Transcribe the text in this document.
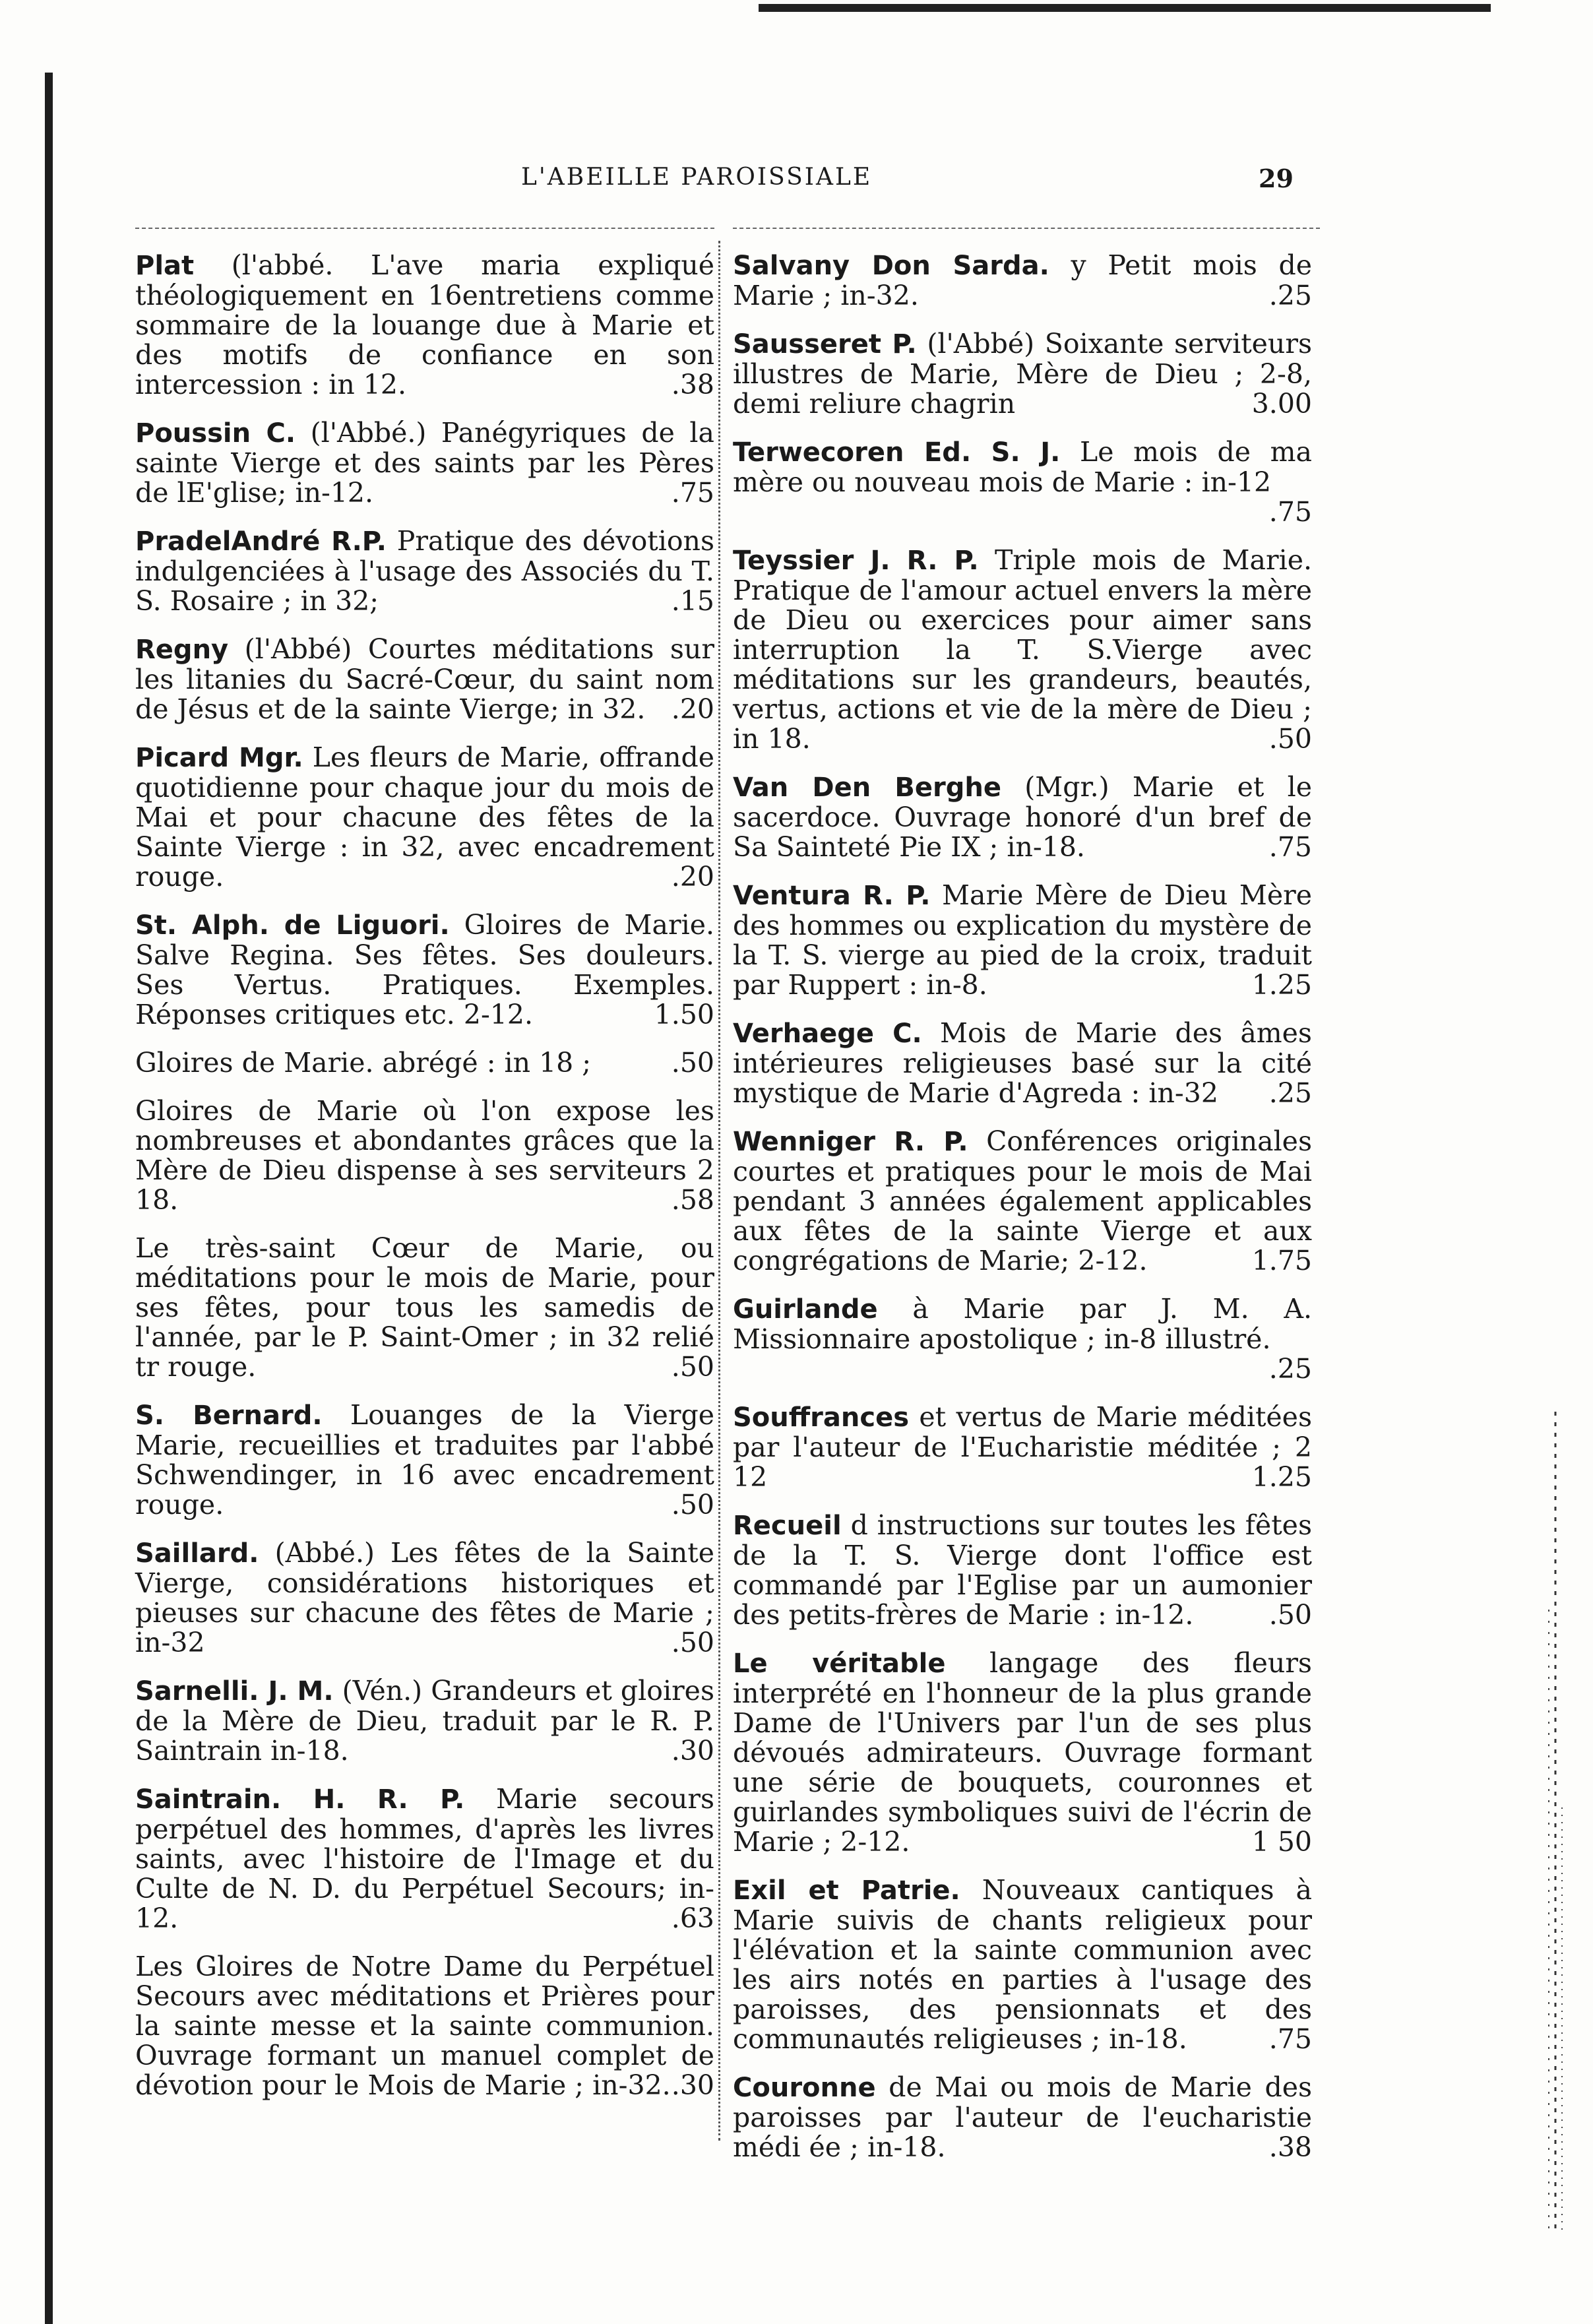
L'ABEILLE PAROISSIALE	29
Plat (l'abbé. L'ave maria expliqué théologiquement en 16entretiens comme sommaire de la louange due à Marie et des motifs de confiance en son intercession : in 12.	.38
Poussin C. (l'Abbé.) Panégyriques de la sainte Vierge et des saints par les Pères de lE'glise; in-12.	.75
PradelAndré R.P. Pratique des dévotions indulgenciées à l'usage des Associés du T. S. Rosaire ; in 32;	.15
Regny (l'Abbé) Courtes méditations sur les litanies du Sacré-Cœur, du saint nom de Jésus et de la sainte Vierge; in 32. .20
Picard Mgr. Les fleurs de Marie, offrande quotidienne pour chaque jour du mois de Mai et pour chacune des fêtes de la Sainte Vierge : in 32, avec encadrement rouge.	.20
St. Alph. de Liguori. Gloires de Marie. Salve Regina. Ses fêtes. Ses douleurs. Ses Vertus. Pratiques. Exemples. Réponses critiques etc. 2-12.	1.50
Gloires de Marie. abrégé : in 18 ;	.50
Gloires de Marie où l'on expose les nombreuses et abondantes grâces que la Mère de Dieu dispense à ses serviteurs 2 18.	.58
Le très-saint Cœur de Marie, ou méditations pour le mois de Marie, pour ses fêtes, pour tous les samedis de l'année, par le P. Saint-Omer ; in 32 relié tr rouge.	.50
S. Bernard. Louanges de la Vierge Marie, recueillies et traduites par l'abbé Schwendinger, in 16 avec encadrement rouge.	.50
Saillard. (Abbé.) Les fêtes de la Sainte Vierge, considérations historiques et pieuses sur chacune des fêtes de Marie ; in-32	.50
Sarnelli. J. M. (Vén.) Grandeurs et gloires de la Mère de Dieu, traduit par le R. P. Saintrain in-18.	.30
Saintrain. H. R. P. Marie secours perpétuel des hommes, d'après les livres saints, avec l'histoire de l'Image et du Culte de N. D. du Perpétuel Secours; in-12.	.63
Les Gloires de Notre Dame du Perpétuel Secours avec méditations et Prières pour la sainte messe et la sainte communion. Ouvrage formant un manuel complet de dévotion pour le Mois de Marie ; in-32. .30
Salvany Don Sarda. y Petit mois de Marie ; in-32.	.25
Sausseret P. (l'Abbé) Soixante serviteurs illustres de Marie, Mère de Dieu ; 2-8, demi reliure chagrin	3.00
Terwecoren Ed. S. J. Le mois de ma mère ou nouveau mois de Marie : in-12
.75
Teyssier J. R. P. Triple mois de Marie. Pratique de l'amour actuel envers la mère de Dieu ou exercices pour aimer sans interruption la T. S.Vierge avec méditations sur les grandeurs, beautés, vertus, actions et vie de la mère de Dieu ; in 18.	.50
Van Den Berghe (Mgr.) Marie et le sacerdoce. Ouvrage honoré d'un bref de Sa Sainteté Pie IX ; in-18.	.75
Ventura R. P. Marie Mère de Dieu Mère des hommes ou explication du mystère de la T. S. vierge au pied de la croix, traduit par Ruppert : in-8.	1.25
Verhaege C. Mois de Marie des âmes intérieures religieuses basé sur la cité mystique de Marie d'Agreda : in-32 .25
Wenniger R. P. Conférences originales courtes et pratiques pour le mois de Mai pendant 3 années également applicables aux fêtes de la sainte Vierge et aux congrégations de Marie; 2-12.	1.75
Guirlande à Marie par J. M. A. Missionnaire apostolique ; in-8 illustré.
.25
Souffrances et vertus de Marie méditées par l'auteur de l'Eucharistie méditée ; 2 12	1.25
Recueil d instructions sur toutes les fêtes de la T. S. Vierge dont l'office est commandé par l'Eglise par un aumonier des petits-frères de Marie : in-12.	.50
Le véritable langage des fleurs interprété en l'honneur de la plus grande Dame de l'Univers par l'un de ses plus dévoués admirateurs. Ouvrage formant une série de bouquets, couronnes et guirlandes symboliques suivi de l'écrin de Marie ; 2-12.	1 50
Exil et Patrie. Nouveaux cantiques à Marie suivis de chants religieux pour l'élévation et la sainte communion avec les airs notés en parties à l'usage des paroisses, des pensionnats et des communautés religieuses ; in-18.	.75
Couronne de Mai ou mois de Marie des paroisses par l'auteur de l'eucharistie médi ée ; in-18.	.38
